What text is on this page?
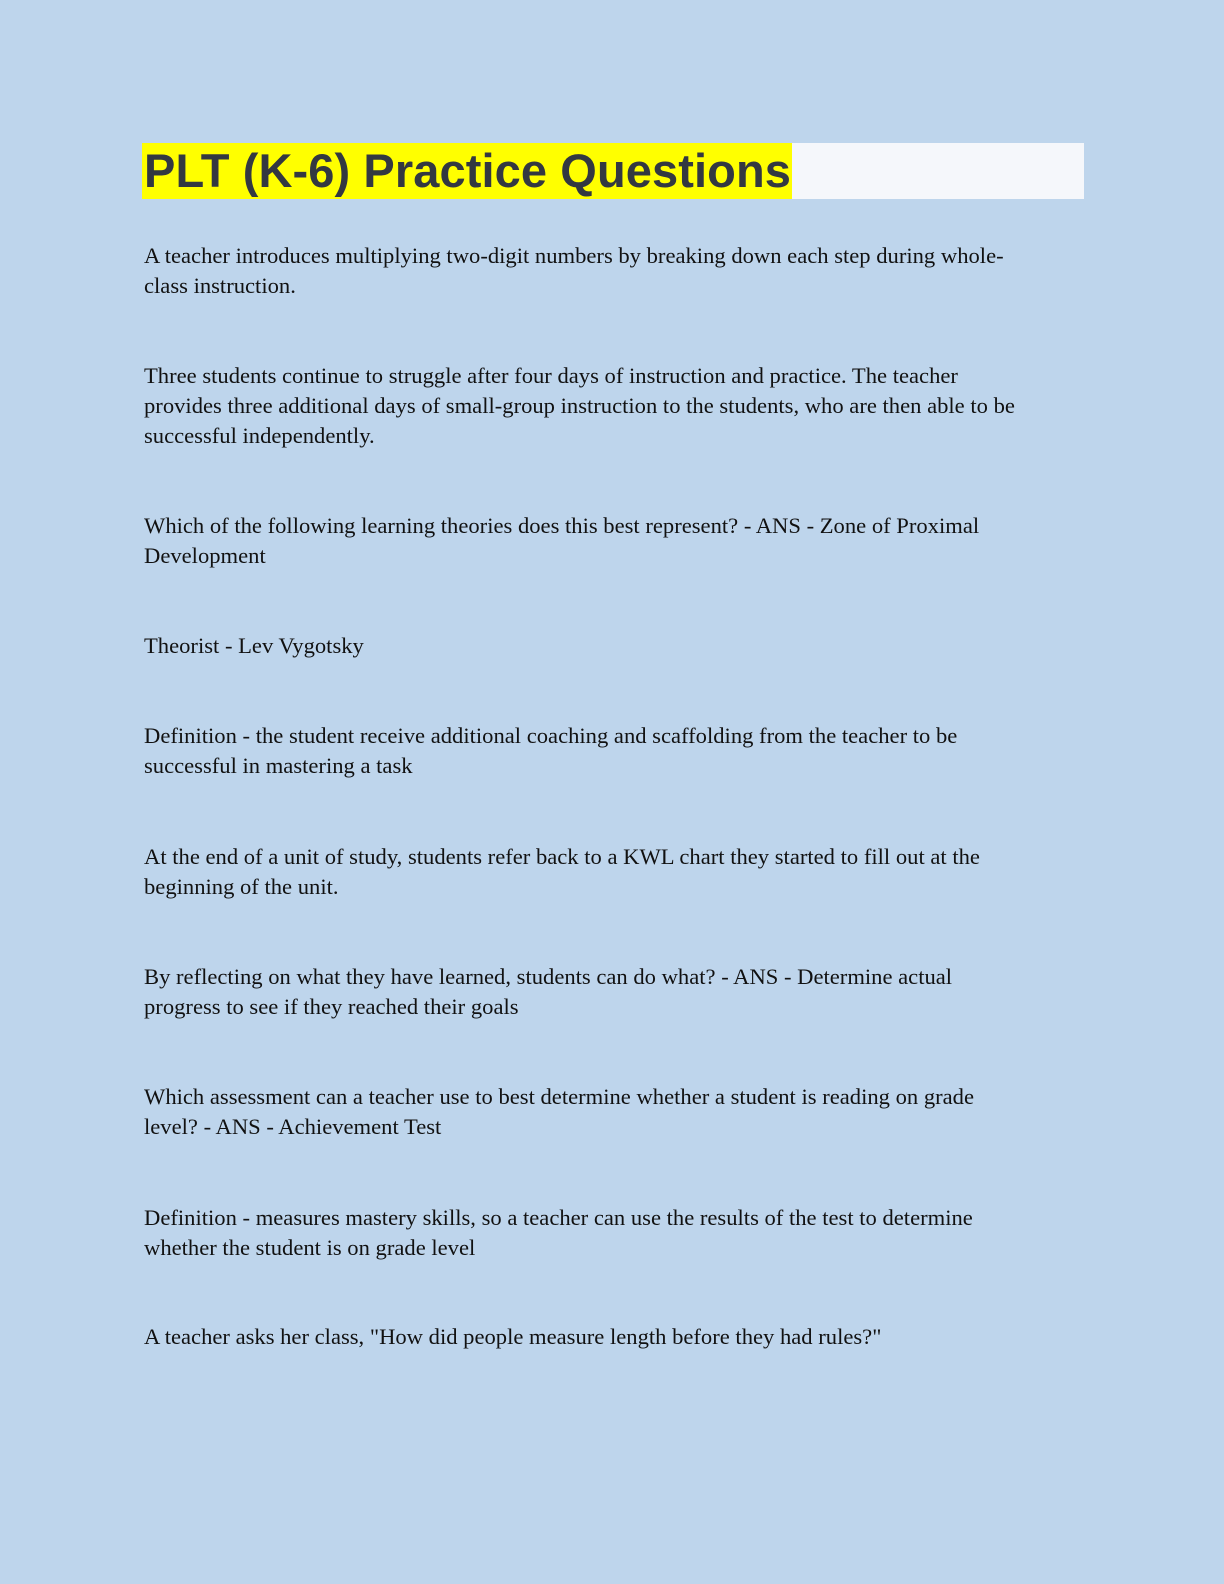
PLT (K-6) Practice Questions

A teacher introduces multiplying two-digit numbers by breaking down each step during whole-
class instruction.

Three students continue to struggle after four days of instruction and practice. The teacher
provides three additional days of small-group instruction to the students, who are then able to be
successful independently.

Which of the following learning theories does this best represent? - ANS - Zone of Proximal
Development

Theorist - Lev Vygotsky

Definition - the student receive additional coaching and scaffolding from the teacher to be
successful in mastering a task

At the end of a unit of study, students refer back to a KWL chart they started to fill out at the
beginning of the unit.

By reflecting on what they have learned, students can do what? - ANS - Determine actual
progress to see if they reached their goals

Which assessment can a teacher use to best determine whether a student is reading on grade
level? - ANS - Achievement Test

Definition - measures mastery skills, so a teacher can use the results of the test to determine
whether the student is on grade level

A teacher asks her class, "How did people measure length before they had rules?"
